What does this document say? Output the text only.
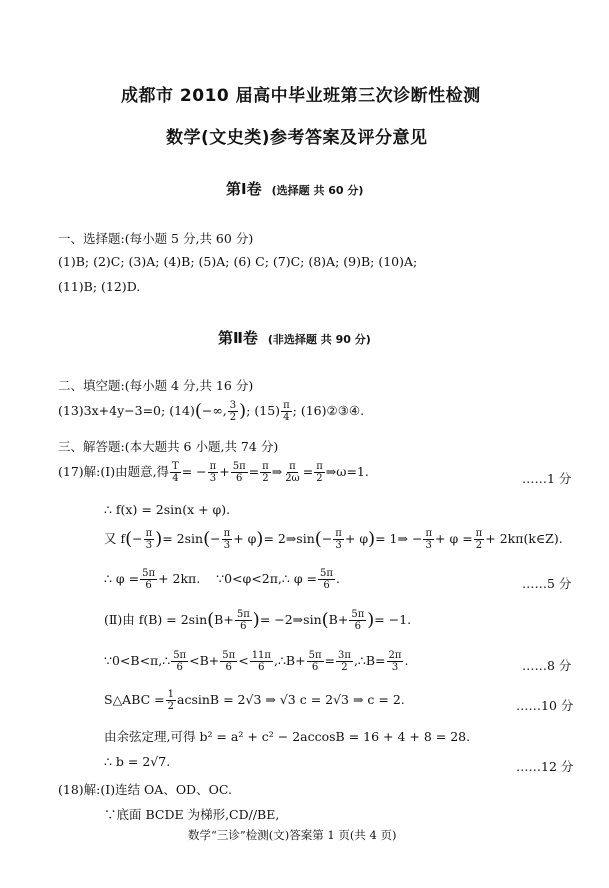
成都市 2010 届高中毕业班第三次诊断性检测
数学(文史类)参考答案及评分意见
第Ⅰ卷 (选择题 共 60 分)
一、选择题:(每小题 5 分,共 60 分)
(1)B; (2)C; (3)A; (4)B; (5)A; (6) C; (7)C; (8)A; (9)B; (10)A;
(11)B; (12)D.
第Ⅱ卷 (非选择题 共 90 分)
二、填空题:(每小题 4 分,共 16 分)
(13)3x+4y−3=0; (14)(−∞, $\frac{3}{2}$ ); $(15) \frac{\pi}{4}$ ; (16)②③④.
三、解答题:(本大题共 6 小题,共 74 分)
(17)解:(Ⅰ)由题意,得 $\frac{T}{4}$ = − $\frac{\pi}{3} + \frac{5\pi}{6} = \frac{\pi}{2}$ ⇒ $\frac{\pi}{2\omega} = \frac{\pi}{2}$ ⇒ω=1.	……1 分
∴ f(x) = 2sin(x + φ).
又 $f(- \frac{\pi}{3}$ )= $2\sin(- \frac{\pi}{3} + \varphi)=$ 2⇒sin(− $\frac{\pi}{3} + \varphi)=$ 1⇒ − $\frac{\pi}{3} + \varphi = \frac{\pi}{2}$ + 2kπ(k∈Z).
∴ $\varphi = \frac{5\pi}{6} + 2k\pi$. ∵0<φ<2π,∴ $\varphi = \frac{5\pi}{6}$ .	……5 分
(Ⅱ)由 $f(B) = 2\sin(B+ \frac{5\pi}{6}$ )= −2⇒sin(B+ $\frac{5\pi}{6}$ )= −1.
∵0<B<π,∴ $\frac{5\pi}{6} <B+ \frac{5\pi}{6} < \frac{11\pi}{6}$ ,∴B+ $\frac{5\pi}{6} = \frac{3\pi}{2}$ ,∴B= $\frac{2\pi}{3}$ .	……8 分
S△ABC = $\frac{1}{2}$ acsinB = 2√3 ⇒ √3 c = 2√3 ⇒ c = 2.	……10 分
由余弦定理,可得 b² = a² + c² − 2accosB = 16 + 4 + 8 = 28.
∴ b = 2√7.	……12 分
(18)解:(Ⅰ)连结 OA、OD、OC.
∵底面 BCDE 为梯形,CD//BE,
数学“三诊”检测(文)答案第 1 页(共 4 页)
